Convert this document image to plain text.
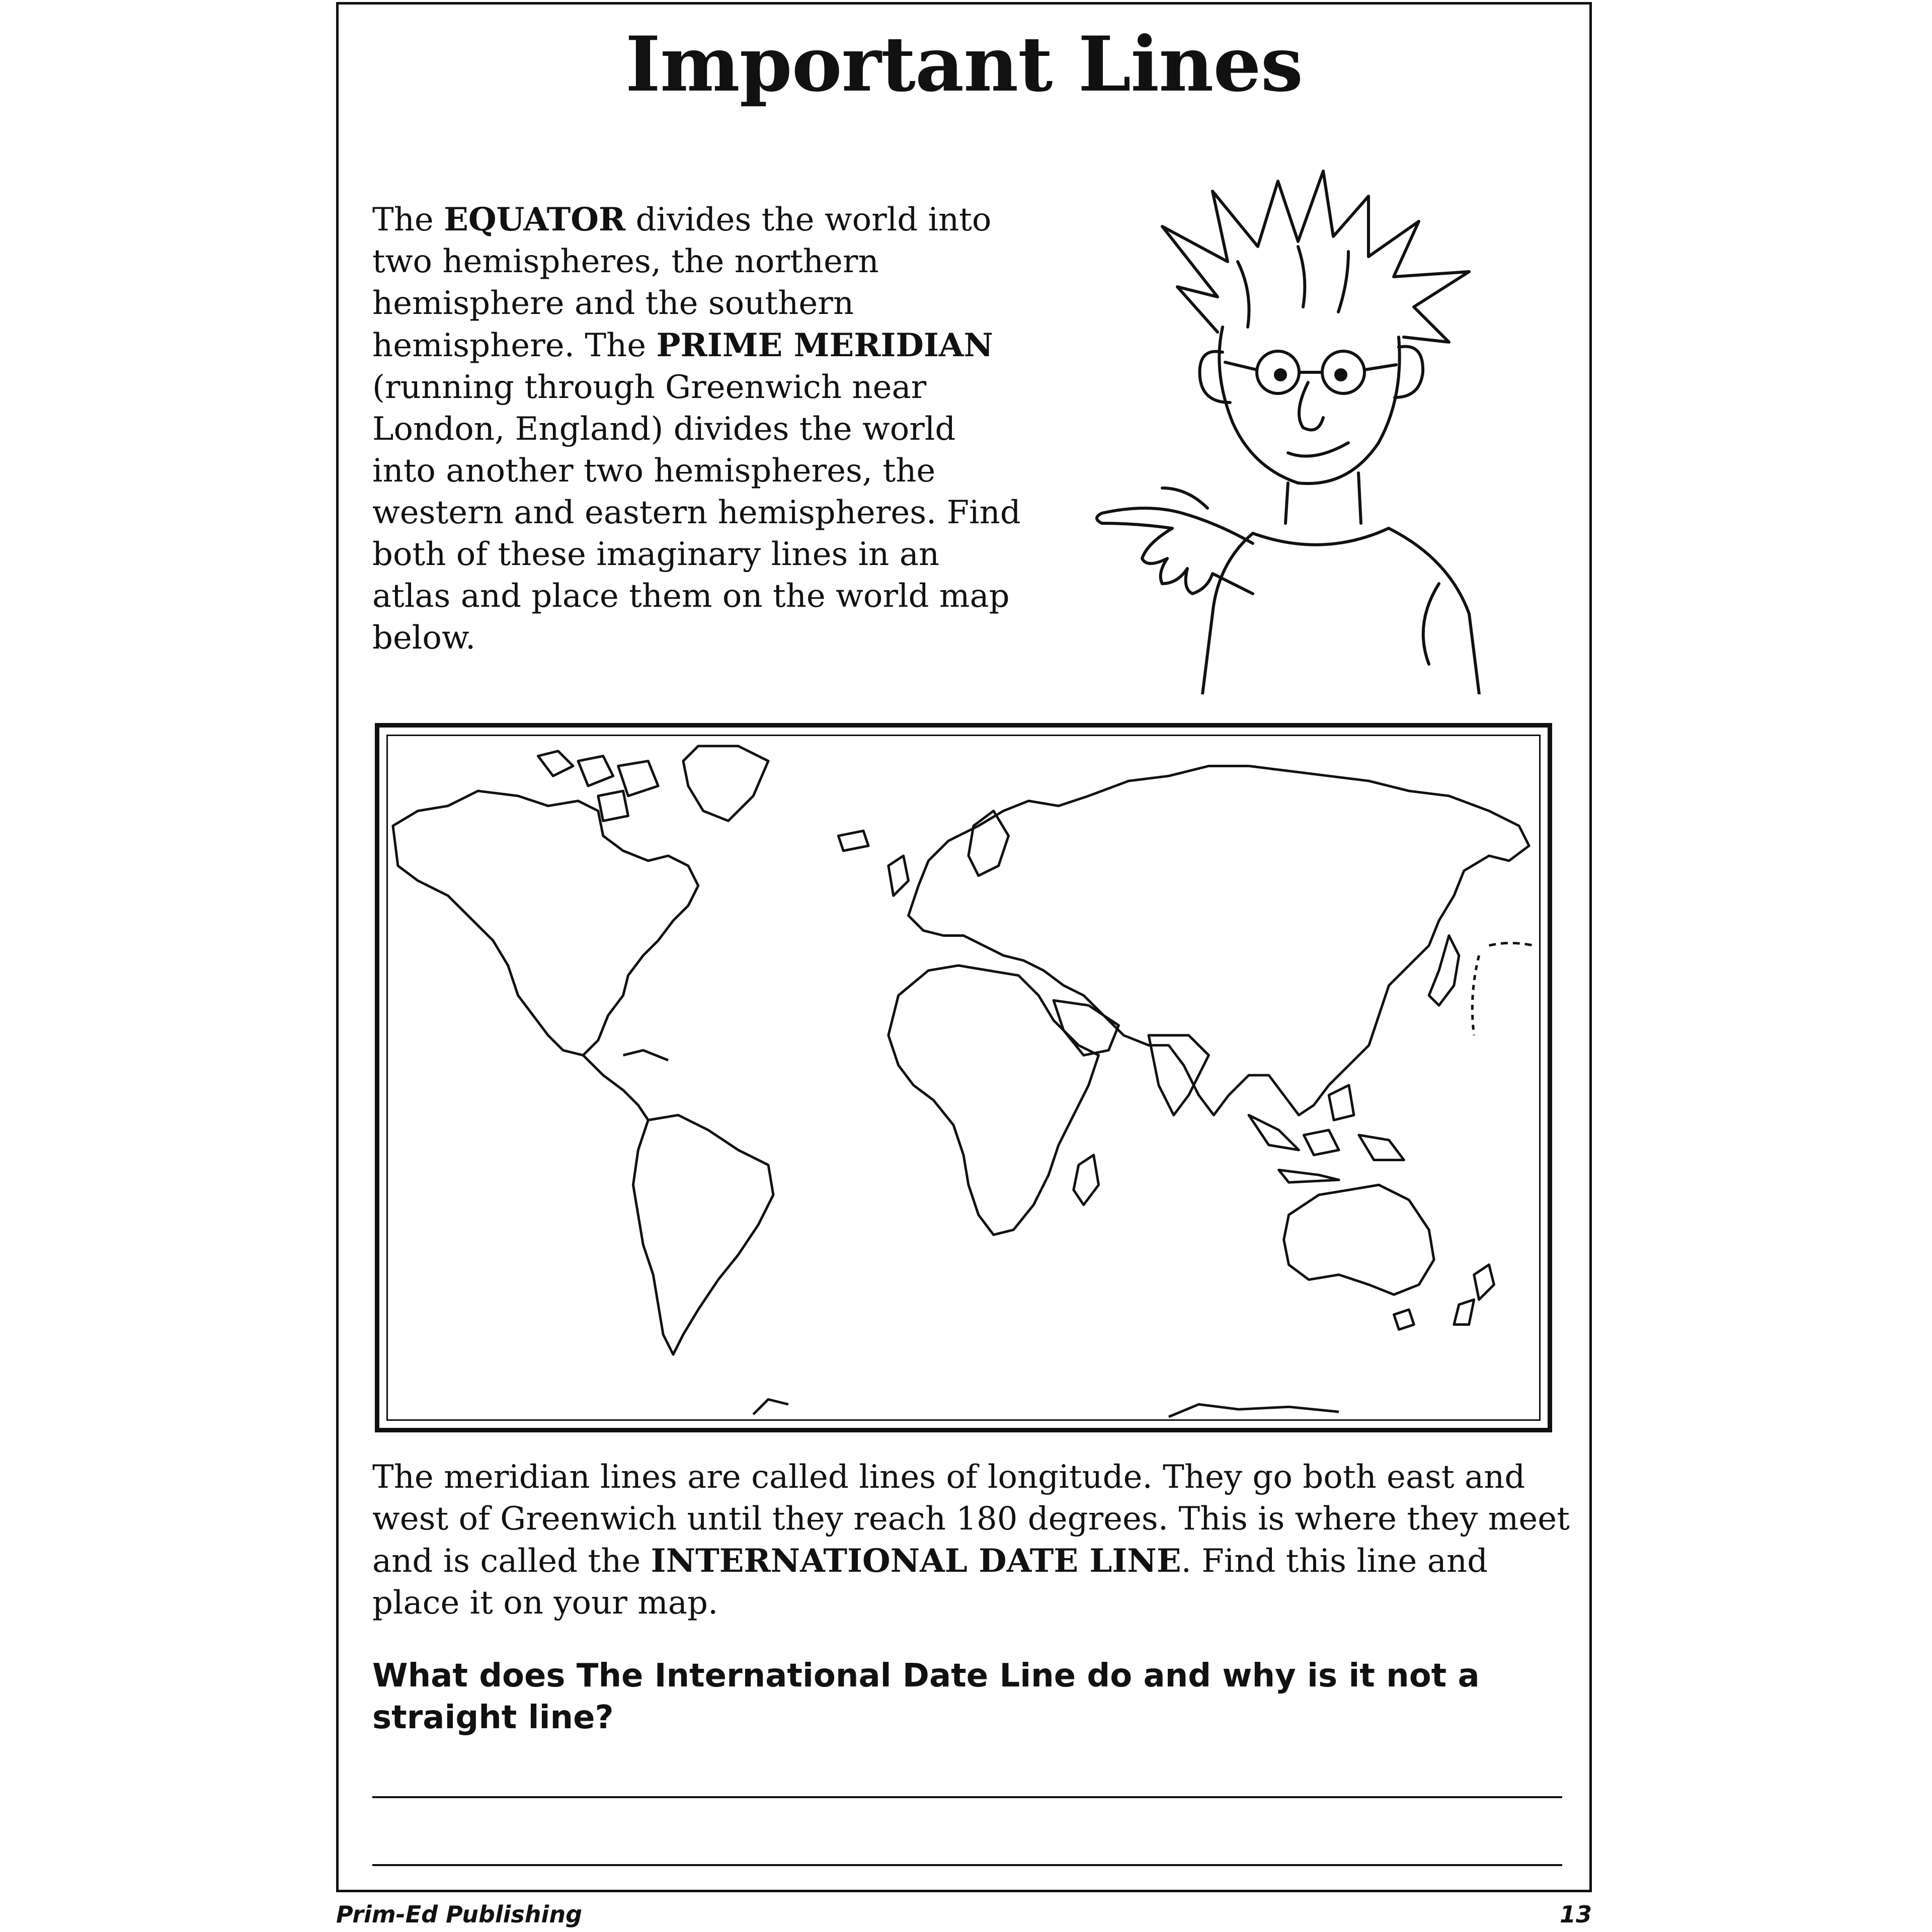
Important Lines
The EQUATOR divides the world into two hemispheres, the northern hemisphere and the southern hemisphere. The PRIME MERIDIAN (running through Greenwich near London, England) divides the world into another two hemispheres, the western and eastern hemispheres. Find both of these imaginary lines in an atlas and place them on the world map below.
The meridian lines are called lines of longitude. They go both east and west of Greenwich until they reach 180 degrees. This is where they meet and is called the INTERNATIONAL DATE LINE. Find this line and place it on your map.
What does The International Date Line do and why is it not a straight line?
Prim-Ed Publishing	13
